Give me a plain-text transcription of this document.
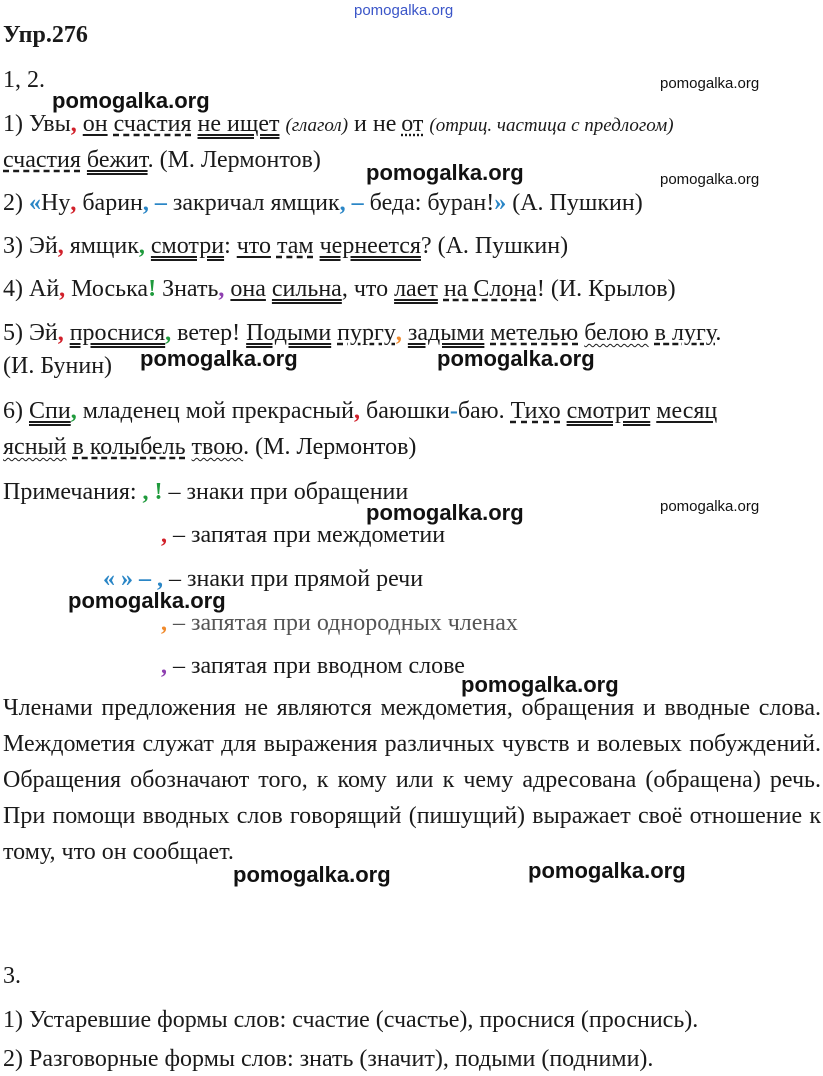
pomogalka.org
Упр.276
1, 2.
pomogalka.org
pomogalka.org
pomogalka.org	pomogalka.org
pomogalka.org	pomogalka.org
pomogalka.org	pomogalka.org
pomogalka.org
pomogalka.org
pomogalka.org	pomogalka.org
1) Увы, он счастия не ищет (глагол) и не  от (отриц. частица с предлогом)
счастия бежит. (М. Лермонтов)
2) «Ну, барин, – закричал ямщик, – беда: буран!» (А. Пушкин)
3) Эй, ямщик, смотри: что там чернеется? (А. Пушкин)
4) Ай, Моська! Знать, она сильна, что лает на Слона! (И. Крылов)
5) Эй, проснися, ветер! Подыми пургу, задыми метелью белою в лугу.
(И. Бунин)
6) Спи, младенец мой прекрасный, баюшки-баю. Тихо смотрит месяц
ясный в колыбель твою. (М. Лермонтов)
Примечания: , ! – знаки при обращении
, – запятая при междометии
« » – , – знаки при прямой речи
, – запятая при однородных членах
, – запятая при вводном слове
Членами предложения не являются междометия, обращения и вводные слова. Междометия служат для выражения различных чувств и волевых побуждений. Обращения обозначают того, к кому или к чему адресована (обращена) речь. При помощи вводных слов говорящий (пишущий) выражает своё отношение к тому, что он сообщает.
3.
1) Устаревшие формы слов: счастие (счастье), проснися (проснись).
2) Разговорные формы слов: знать (значит), подыми (подними).
